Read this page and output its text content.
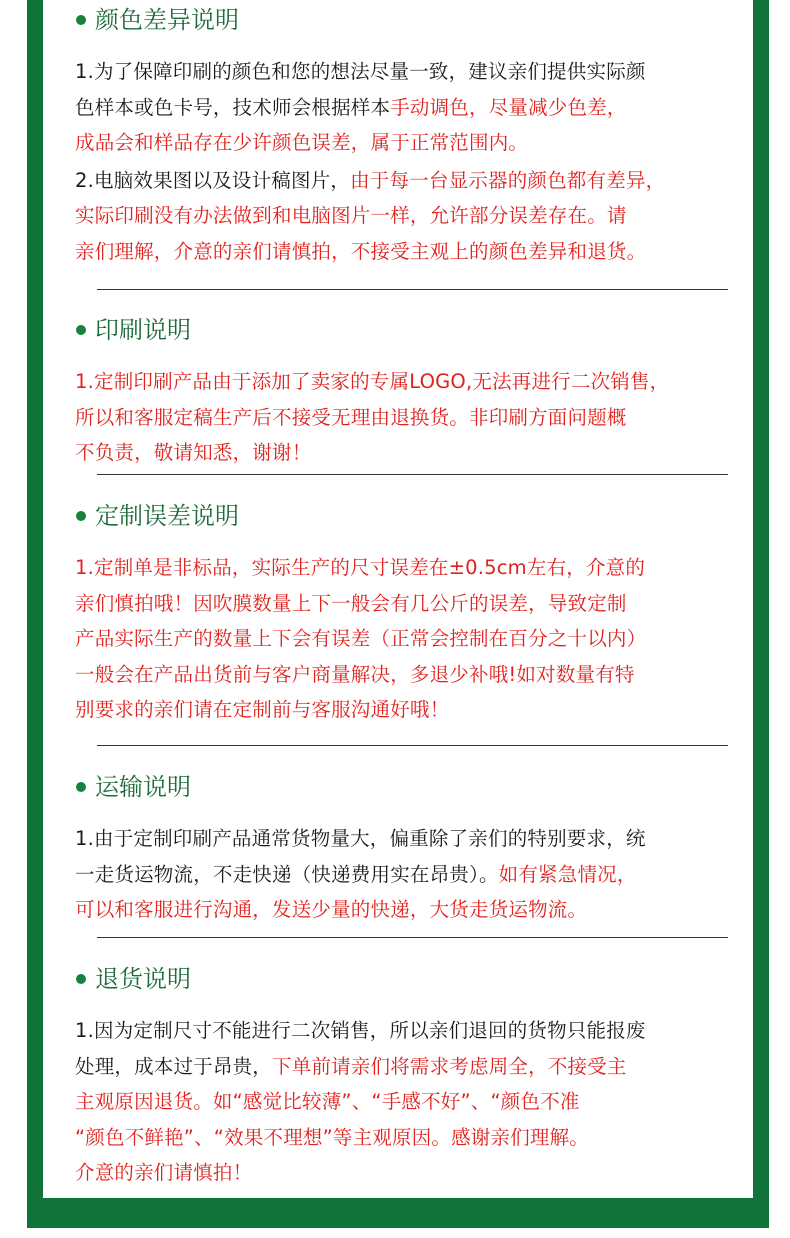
颜色差异说明
1.为了保障印刷的颜色和您的想法尽量一致，建议亲们提供实际颜
色样本或色卡号，技术师会根据样本手动调色，尽量减少色差，
成品会和样品存在少许颜色误差，属于正常范围内。
2.电脑效果图以及设计稿图片，由于每一台显示器的颜色都有差异，
实际印刷没有办法做到和电脑图片一样，允许部分误差存在。请
亲们理解，介意的亲们请慎拍，不接受主观上的颜色差异和退货。
印刷说明
1.定制印刷产品由于添加了卖家的专属LOGO,无法再进行二次销售，
所以和客服定稿生产后不接受无理由退换货。非印刷方面问题概
不负责，敬请知悉，谢谢！
定制误差说明
1.定制单是非标品，实际生产的尺寸误差在±0.5cm左右，介意的
亲们慎拍哦！因吹膜数量上下一般会有几公斤的误差，导致定制
产品实际生产的数量上下会有误差（正常会控制在百分之十以内）
一般会在产品出货前与客户商量解决，多退少补哦!如对数量有特
别要求的亲们请在定制前与客服沟通好哦！
运输说明
1.由于定制印刷产品通常货物量大，偏重除了亲们的特别要求，统
一走货运物流，不走快递（快递费用实在昂贵）。如有紧急情况，
可以和客服进行沟通，发送少量的快递，大货走货运物流。
退货说明
1.因为定制尺寸不能进行二次销售，所以亲们退回的货物只能报废
处理，成本过于昂贵，下单前请亲们将需求考虑周全，不接受主
主观原因退货。如“感觉比较薄”、“手感不好”、“颜色不准
“颜色不鲜艳”、“效果不理想”等主观原因。感谢亲们理解。
介意的亲们请慎拍！
